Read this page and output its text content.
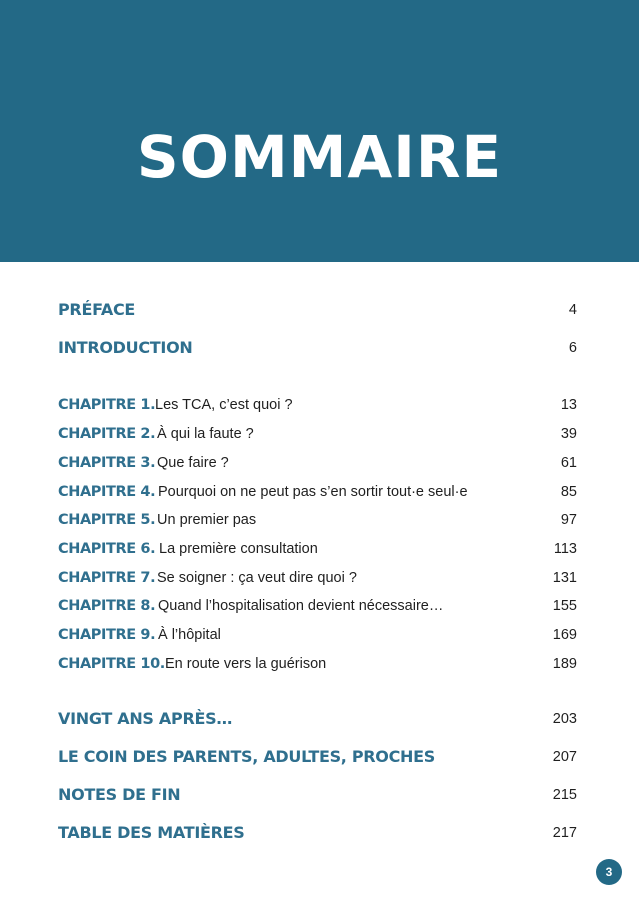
SOMMAIRE
PRÉFACE	4
INTRODUCTION	6
CHAPITRE 1. Les TCA, c’est quoi ?	13
CHAPITRE 2. À qui la faute ?	39
CHAPITRE 3. Que faire ?	61
CHAPITRE 4. Pourquoi on ne peut pas s’en sortir tout·e seul·e	85
CHAPITRE 5. Un premier pas	97
CHAPITRE 6. La première consultation	113
CHAPITRE 7. Se soigner : ça veut dire quoi ?	131
CHAPITRE 8. Quand l’hospitalisation devient nécessaire…	155
CHAPITRE 9. À l’hôpital	169
CHAPITRE 10. En route vers la guérison	189
VINGT ANS APRÈS…	203
LE COIN DES PARENTS, ADULTES, PROCHES	207
NOTES DE FIN	215
TABLE DES MATIÈRES	217
3
